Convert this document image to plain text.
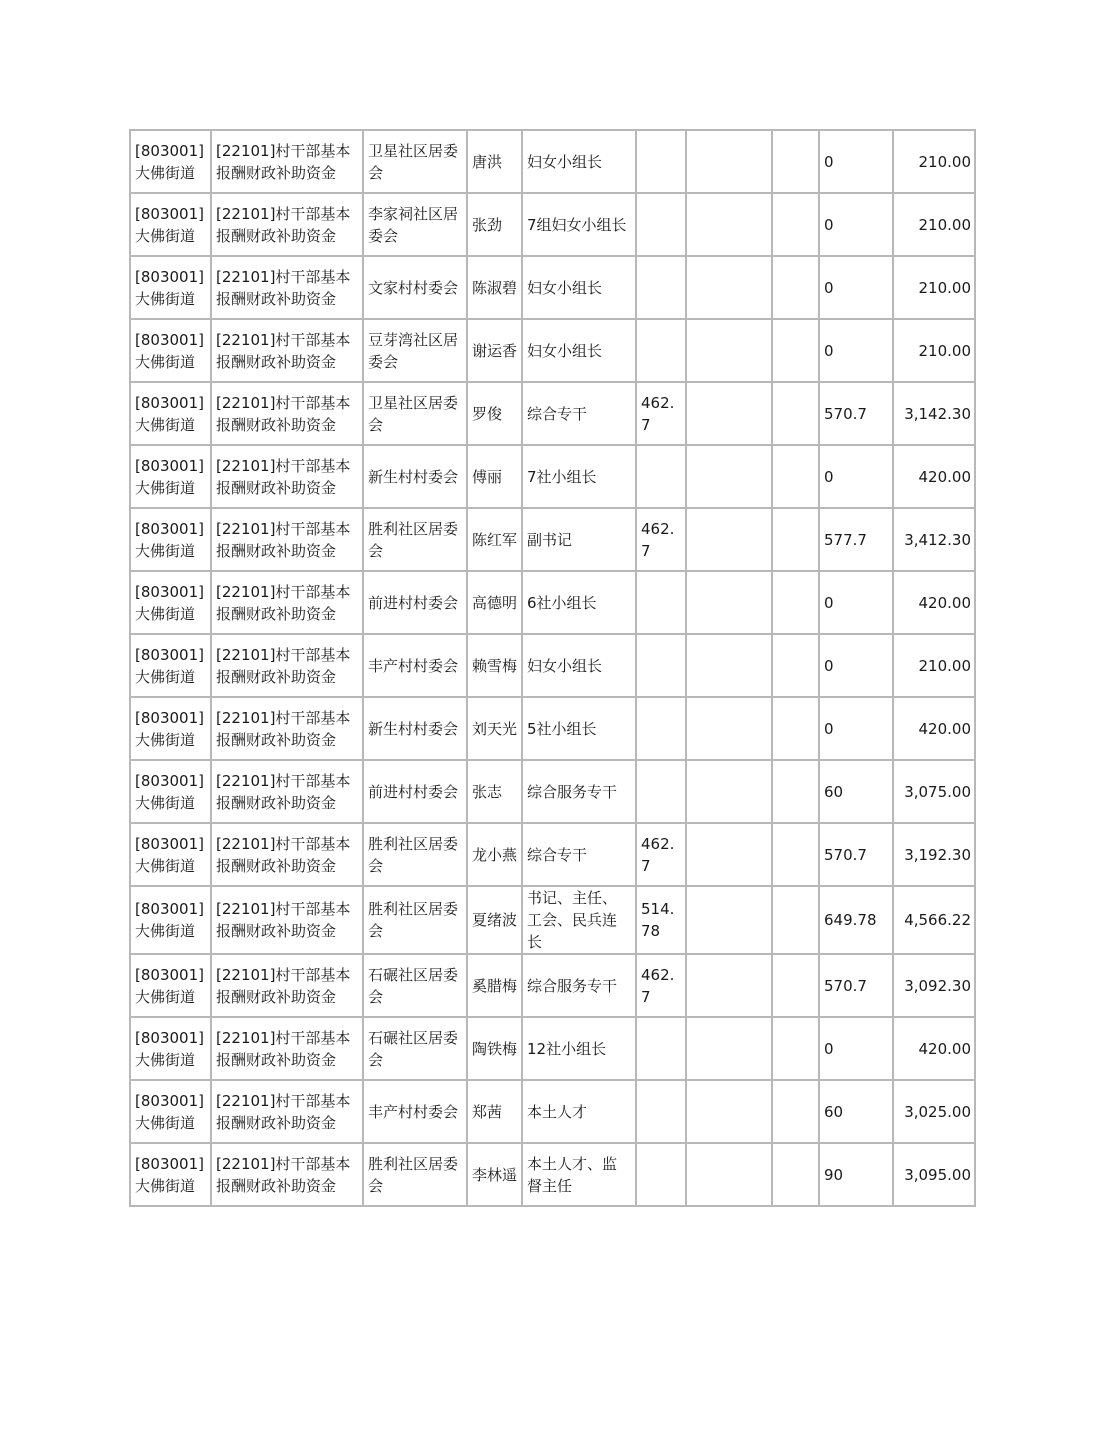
[803001]大佛街道	[22101]村干部基本报酬财政补助资金	卫星社区居委会	唐洪	妇女小组长				0	210.00
[803001]大佛街道	[22101]村干部基本报酬财政补助资金	李家祠社区居委会	张劲	7组妇女小组长				0	210.00
[803001]大佛街道	[22101]村干部基本报酬财政补助资金	文家村村委会	陈淑碧	妇女小组长				0	210.00
[803001]大佛街道	[22101]村干部基本报酬财政补助资金	豆芽湾社区居委会	谢运香	妇女小组长				0	210.00
[803001]大佛街道	[22101]村干部基本报酬财政补助资金	卫星社区居委会	罗俊	综合专干	462.7			570.7	3,142.30
[803001]大佛街道	[22101]村干部基本报酬财政补助资金	新生村村委会	傅丽	7社小组长				0	420.00
[803001]大佛街道	[22101]村干部基本报酬财政补助资金	胜利社区居委会	陈红军	副书记	462.7			577.7	3,412.30
[803001]大佛街道	[22101]村干部基本报酬财政补助资金	前进村村委会	高德明	6社小组长				0	420.00
[803001]大佛街道	[22101]村干部基本报酬财政补助资金	丰产村村委会	赖雪梅	妇女小组长				0	210.00
[803001]大佛街道	[22101]村干部基本报酬财政补助资金	新生村村委会	刘天光	5社小组长				0	420.00
[803001]大佛街道	[22101]村干部基本报酬财政补助资金	前进村村委会	张志	综合服务专干				60	3,075.00
[803001]大佛街道	[22101]村干部基本报酬财政补助资金	胜利社区居委会	龙小燕	综合专干	462.7			570.7	3,192.30
[803001]大佛街道	[22101]村干部基本报酬财政补助资金	胜利社区居委会	夏绪波	书记、主任、工会、民兵连长	514.78			649.78	4,566.22
[803001]大佛街道	[22101]村干部基本报酬财政补助资金	石碾社区居委会	奚腊梅	综合服务专干	462.7			570.7	3,092.30
[803001]大佛街道	[22101]村干部基本报酬财政补助资金	石碾社区居委会	陶铁梅	12社小组长				0	420.00
[803001]大佛街道	[22101]村干部基本报酬财政补助资金	丰产村村委会	郑茜	本土人才				60	3,025.00
[803001]大佛街道	[22101]村干部基本报酬财政补助资金	胜利社区居委会	李林遥	本土人才、监督主任				90	3,095.00
